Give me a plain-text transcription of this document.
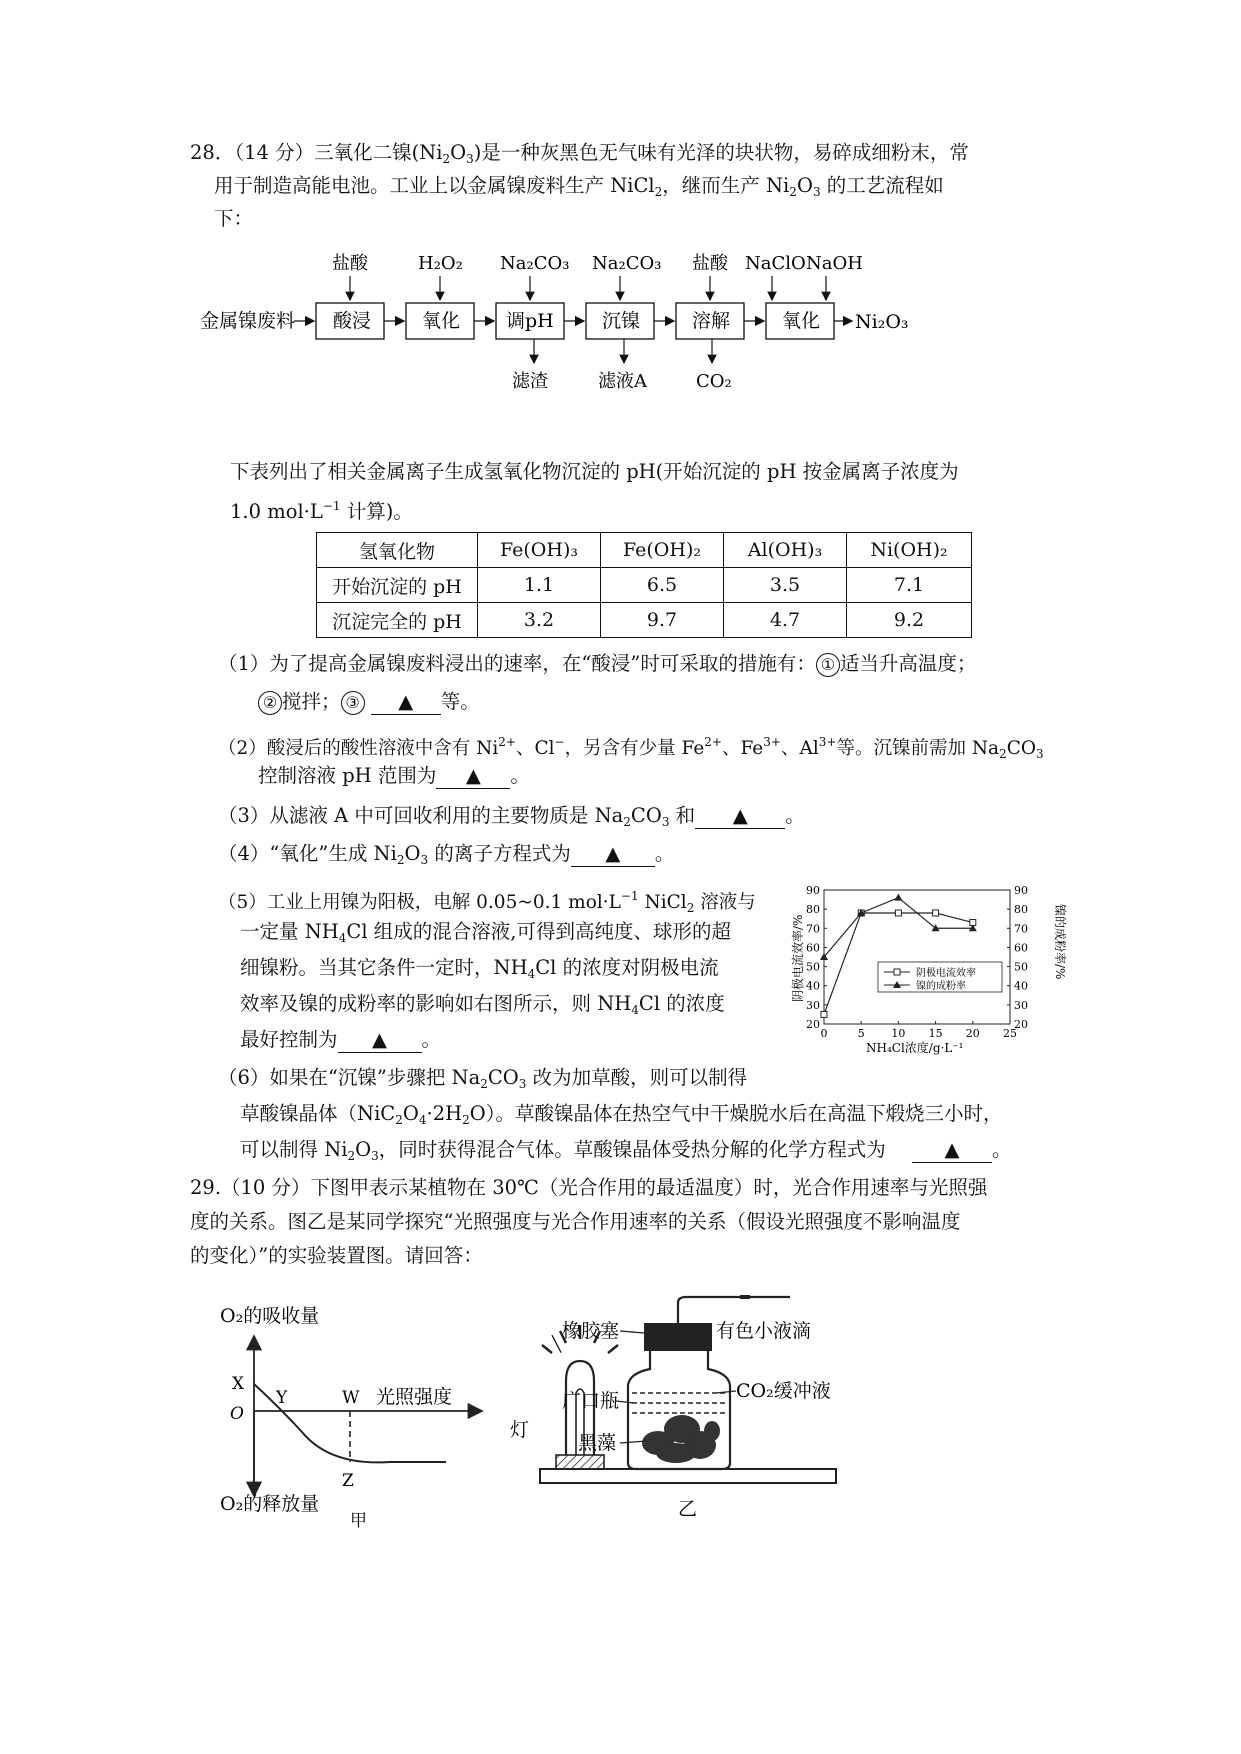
28．（14 分）三氧化二镍$(Ni_2O_3)$是一种灰黑色无气味有光泽的块状物，易碎成细粉末，常
用于制造高能电池。工业上以金属镍废料生产 NiCl$_2$，继而生产 $Ni_2O_3$ 的工艺流程如
下：
金属镍废料 酸浸	氧化 调pH	沉镍	溶解	氧化 Ni₂O₃
盐酸	H₂O₂ Na₂CO₃ Na₂CO₃ 盐酸 NaClO NaOH
滤渣	滤液A	CO₂
下表列出了相关金属离子生成氢氧化物沉淀的 pH(开始沉淀的 pH 按金属离子浓度为
1.0 $mol\cdot L^{-1}$ 计算)。
氢氧化物	Fe(OH)₃	Fe(OH)₂	Al(OH)₃	Ni(OH)₂
开始沉淀的 pH	1.1	6.5	3.5	7.1
沉淀完全的 pH	3.2	9.7	4.7	9.2
（1）为了提高金属镍废料浸出的速率，在“酸浸”时可采取的措施有： ① 适当升高温度；
② 搅拌； ③ ▲ 等。
（2）酸浸后的酸性溶液中含有 $Ni^{2+}$、Cl−，另含有少量 $Fe^{2+}$、$Fe^{3+}$、$Al^{3+}$等。沉镍前需加 $Na_2CO_3$
控制溶液 pH 范围为 ▲ 。
（3）从滤液 A 中可回收利用的主要物质是 $Na_2CO_3$ 和 ▲ 。
（4）“氧化”生成 $Ni_2O_3$ 的离子方程式为 ▲ 。
（5）工业上用镍为阳极，电解 0.05~0.1 $mol\cdot L^{-1}$ NiCl$_2$ 溶液与
一定量 $NH_4Cl$ 组成的混合溶液,可得到高纯度、球形的超
细镍粉。当其它条件一定时，$NH_4Cl$ 的浓度对阴极电流
效率及镍的成粉率的影响如右图所示，则 $NH_4Cl$ 的浓度
最好控制为 ▲ 。
20
30
40
50
60
70
80
90
20
30
40
50
60
70
80
90
0	5 10 15 20 25
阴极电流效率
镍的成粉率
NH₄Cl浓度/g·L⁻¹
阴极电流效率/%	镍的成粉率/%
（6）如果在“沉镍”步骤把 $Na_2CO_3$ 改为加草酸，则可以制得
草酸镍晶体$(NiC_2O_4\cdot 2H_2O)$。草酸镍晶体在热空气中干燥脱水后在高温下煅烧三小时，
可以制得 $Ni_2O_3$，同时获得混合气体。草酸镍晶体受热分解的化学方程式为	▲ 。
29.（10 分）下图甲表示某植物在 30℃（光合作用的最适温度）时，光合作用速率与光照强
度的关系。图乙是某同学探究“光照强度与光合作用速率的关系（假设光照强度不影响温度
的变化）”的实验装置图。请回答：
O₂的吸收量
X
O
Y	W
Z
光照强度
O₂的释放量
甲
╲
灯
橡胶塞	有色小液滴
广口瓶	CO₂缓冲液
黑藻
乙
